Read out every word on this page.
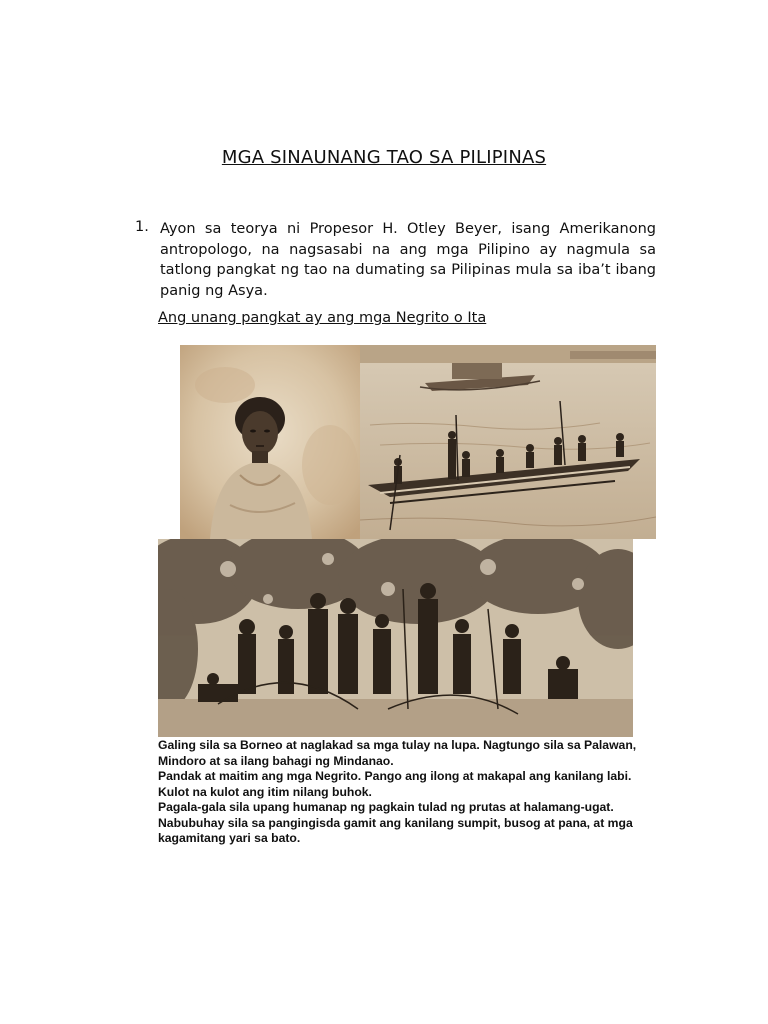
MGA SINAUNANG TAO SA PILIPINAS
1. Ayon sa teorya ni Propesor H. Otley Beyer, isang Amerikanong antropologo, na nagsasabi na ang mga Pilipino ay nagmula sa tatlong pangkat ng tao na dumating sa Pilipinas mula sa iba’t ibang panig ng Asya.
Ang unang pangkat ay ang mga Negrito o Ita
Galing sila sa Borneo at naglakad sa mga tulay na lupa. Nagtungo sila sa Palawan,
Mindoro at sa ilang bahagi ng Mindanao.
Pandak at maitim ang mga Negrito. Pango ang ilong at makapal ang kanilang labi.
Kulot na kulot ang itim nilang buhok.
Pagala-gala sila upang humanap ng pagkain tulad ng prutas at halamang-ugat.
Nabubuhay sila sa pangingisda gamit ang kanilang sumpit, busog at pana, at mga
kagamitang yari sa bato.
